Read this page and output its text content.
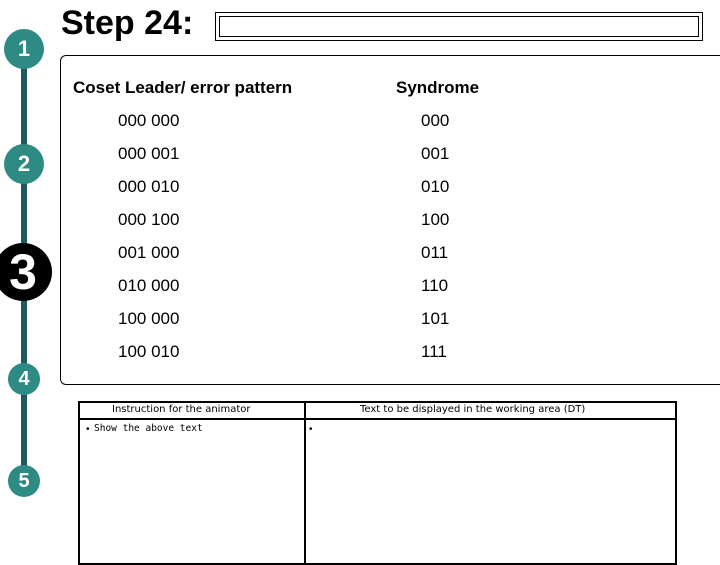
1
2
3
4
5
Step 24:
Coset Leader/ error pattern	Syndrome
000 000	000
000 001	001
000 010	010
000 100	100
001 000	011
010 000	110
100 000	101
100 010	111
Instruction for the animator	Text to be displayed in the working area (DT)
• Show the above text	•
